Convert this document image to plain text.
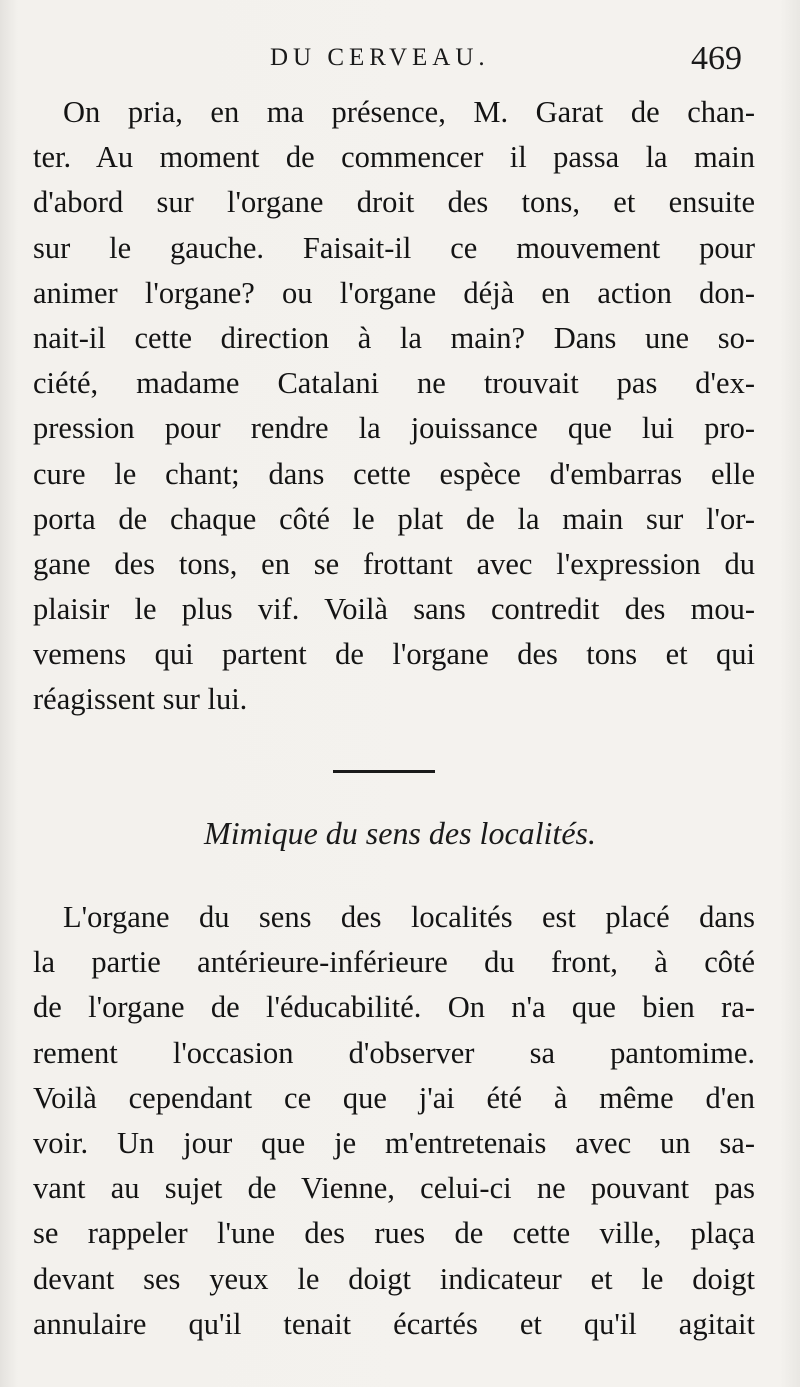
DU CERVEAU.	469
On pria, en ma présence, M. Garat de chan-
ter. Au moment de commencer il passa la main
d'abord sur l'organe droit des tons, et ensuite
sur le gauche. Faisait-il ce mouvement pour
animer l'organe? ou l'organe déjà en action don-
nait-il cette direction à la main? Dans une so-
ciété, madame Catalani ne trouvait pas d'ex-
pression pour rendre la jouissance que lui pro-
cure le chant; dans cette espèce d'embarras elle
porta de chaque côté le plat de la main sur l'or-
gane des tons, en se frottant avec l'expression du
plaisir le plus vif. Voilà sans contredit des mou-
vemens qui partent de l'organe des tons et qui
réagissent sur lui.
Mimique du sens des localités.
L'organe du sens des localités est placé dans
la partie antérieure-inférieure du front, à côté
de l'organe de l'éducabilité. On n'a que bien ra-
rement l'occasion d'observer sa pantomime.
Voilà cependant ce que j'ai été à même d'en
voir. Un jour que je m'entretenais avec un sa-
vant au sujet de Vienne, celui-ci ne pouvant pas
se rappeler l'une des rues de cette ville, plaça
devant ses yeux le doigt indicateur et le doigt
annulaire qu'il tenait écartés et qu'il agitait
